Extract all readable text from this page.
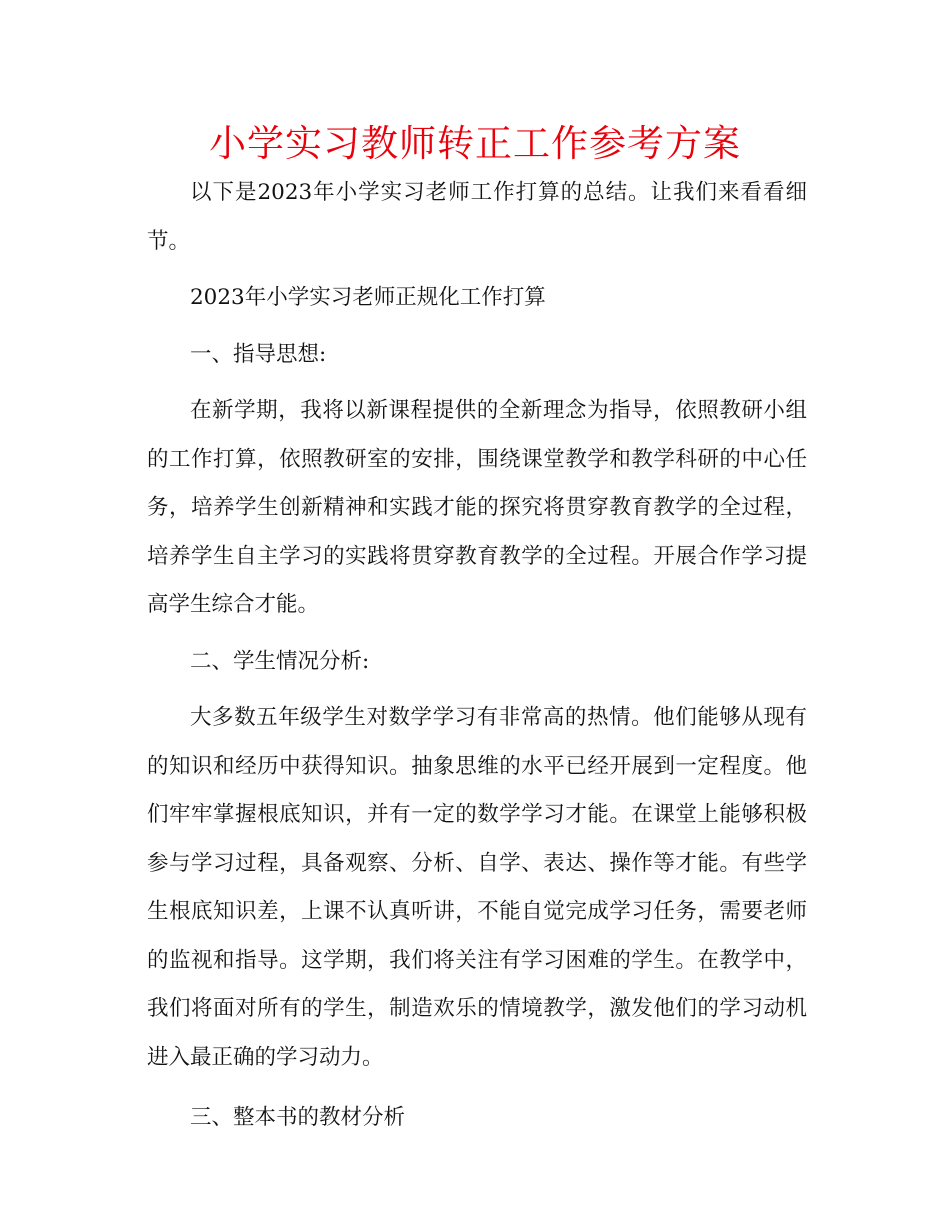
小学实习教师转正工作参考方案

以下是2023年小学实习老师工作打算的总结。让我们来看看细节。

2023年小学实习老师正规化工作打算

一、指导思想:

在新学期，我将以新课程提供的全新理念为指导，依照教研小组的工作打算，依照教研室的安排，围绕课堂教学和教学科研的中心任务，培养学生创新精神和实践才能的探究将贯穿教育教学的全过程，培养学生自主学习的实践将贯穿教育教学的全过程。开展合作学习提高学生综合才能。

二、学生情况分析:

大多数五年级学生对数学学习有非常高的热情。他们能够从现有的知识和经历中获得知识。抽象思维的水平已经开展到一定程度。他们牢牢掌握根底知识，并有一定的数学学习才能。在课堂上能够积极参与学习过程，具备观察、分析、自学、表达、操作等才能。有些学生根底知识差，上课不认真听讲，不能自觉完成学习任务，需要老师的监视和指导。这学期，我们将关注有学习困难的学生。在教学中，我们将面对所有的学生，制造欢乐的情境教学，激发他们的学习动机进入最正确的学习动力。

三、整本书的教材分析
